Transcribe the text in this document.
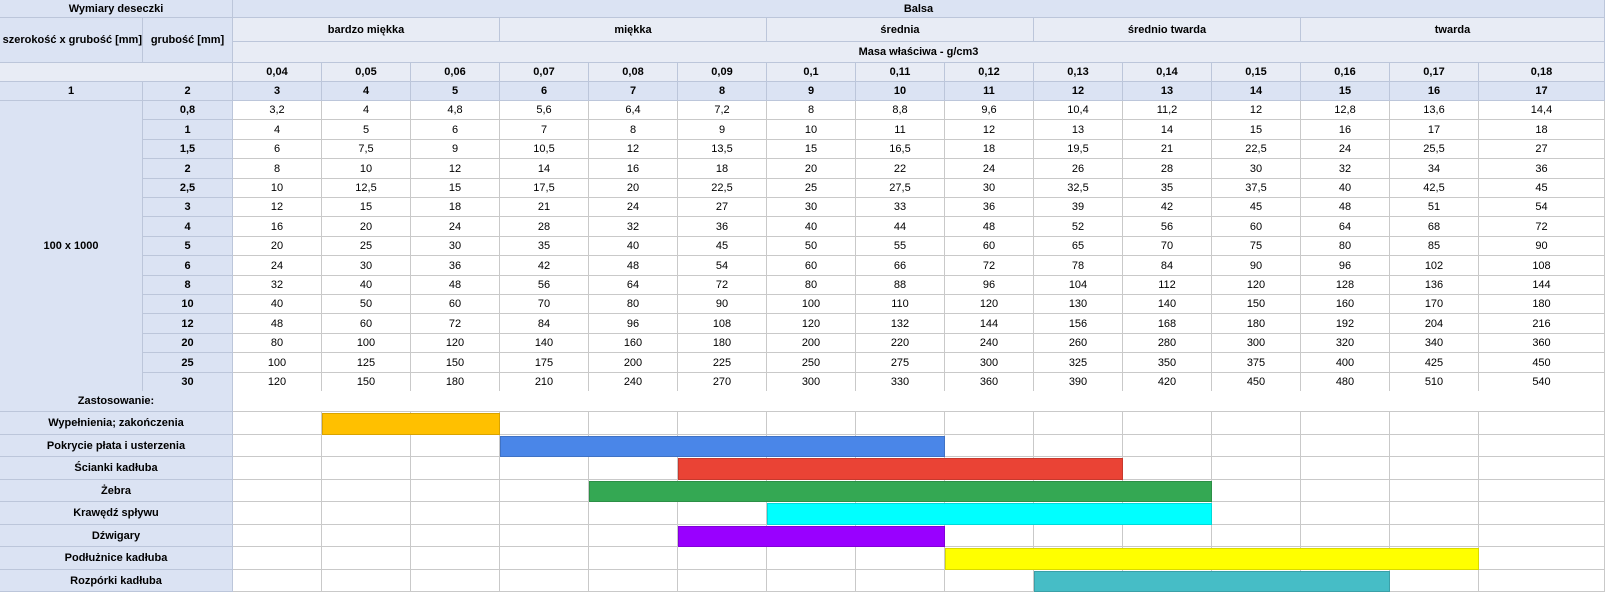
Wymiary deseczki	Balsa
szerokość x grubość [mm] grubość [mm]
bardzo miękka	miękka	średnia	średnio twarda	twarda
Masa właściwa - g/cm3
0,04	0,05	0,06	0,07	0,08	0,09	0,1	0,11	0,12	0,13	0,14	0,15	0,16	0,17	0,18
1	2	3	4	5	6	7	8	9	10	11	12	13	14	15	16	17
100 x 1000
0,8	3,2	4	4,8	5,6	6,4	7,2	8	8,8	9,6	10,4	11,2	12	12,8	13,6	14,4
1	4	5	6	7	8	9	10	11	12	13	14	15	16	17	18
1,5	6	7,5	9	10,5	12	13,5	15	16,5	18	19,5	21	22,5	24	25,5	27
2	8	10	12	14	16	18	20	22	24	26	28	30	32	34	36
2,5	10	12,5	15	17,5	20	22,5	25	27,5	30	32,5	35	37,5	40	42,5	45
3	12	15	18	21	24	27	30	33	36	39	42	45	48	51	54
4	16	20	24	28	32	36	40	44	48	52	56	60	64	68	72
5	20	25	30	35	40	45	50	55	60	65	70	75	80	85	90
6	24	30	36	42	48	54	60	66	72	78	84	90	96	102	108
8	32	40	48	56	64	72	80	88	96	104	112	120	128	136	144
10	40	50	60	70	80	90	100	110	120	130	140	150	160	170	180
12	48	60	72	84	96	108	120	132	144	156	168	180	192	204	216
20	80	100	120	140	160	180	200	220	240	260	280	300	320	340	360
25	100	125	150	175	200	225	250	275	300	325	350	375	400	425	450
30	120	150	180	210	240	270	300	330	360	390	420	450	480	510	540
Zastosowanie:
Wypełnienia; zakończenia
Pokrycie płata i usterzenia
Ścianki kadłuba
Żebra
Krawędź spływu
Dźwigary
Podłużnice kadłuba
Rozpórki kadłuba
